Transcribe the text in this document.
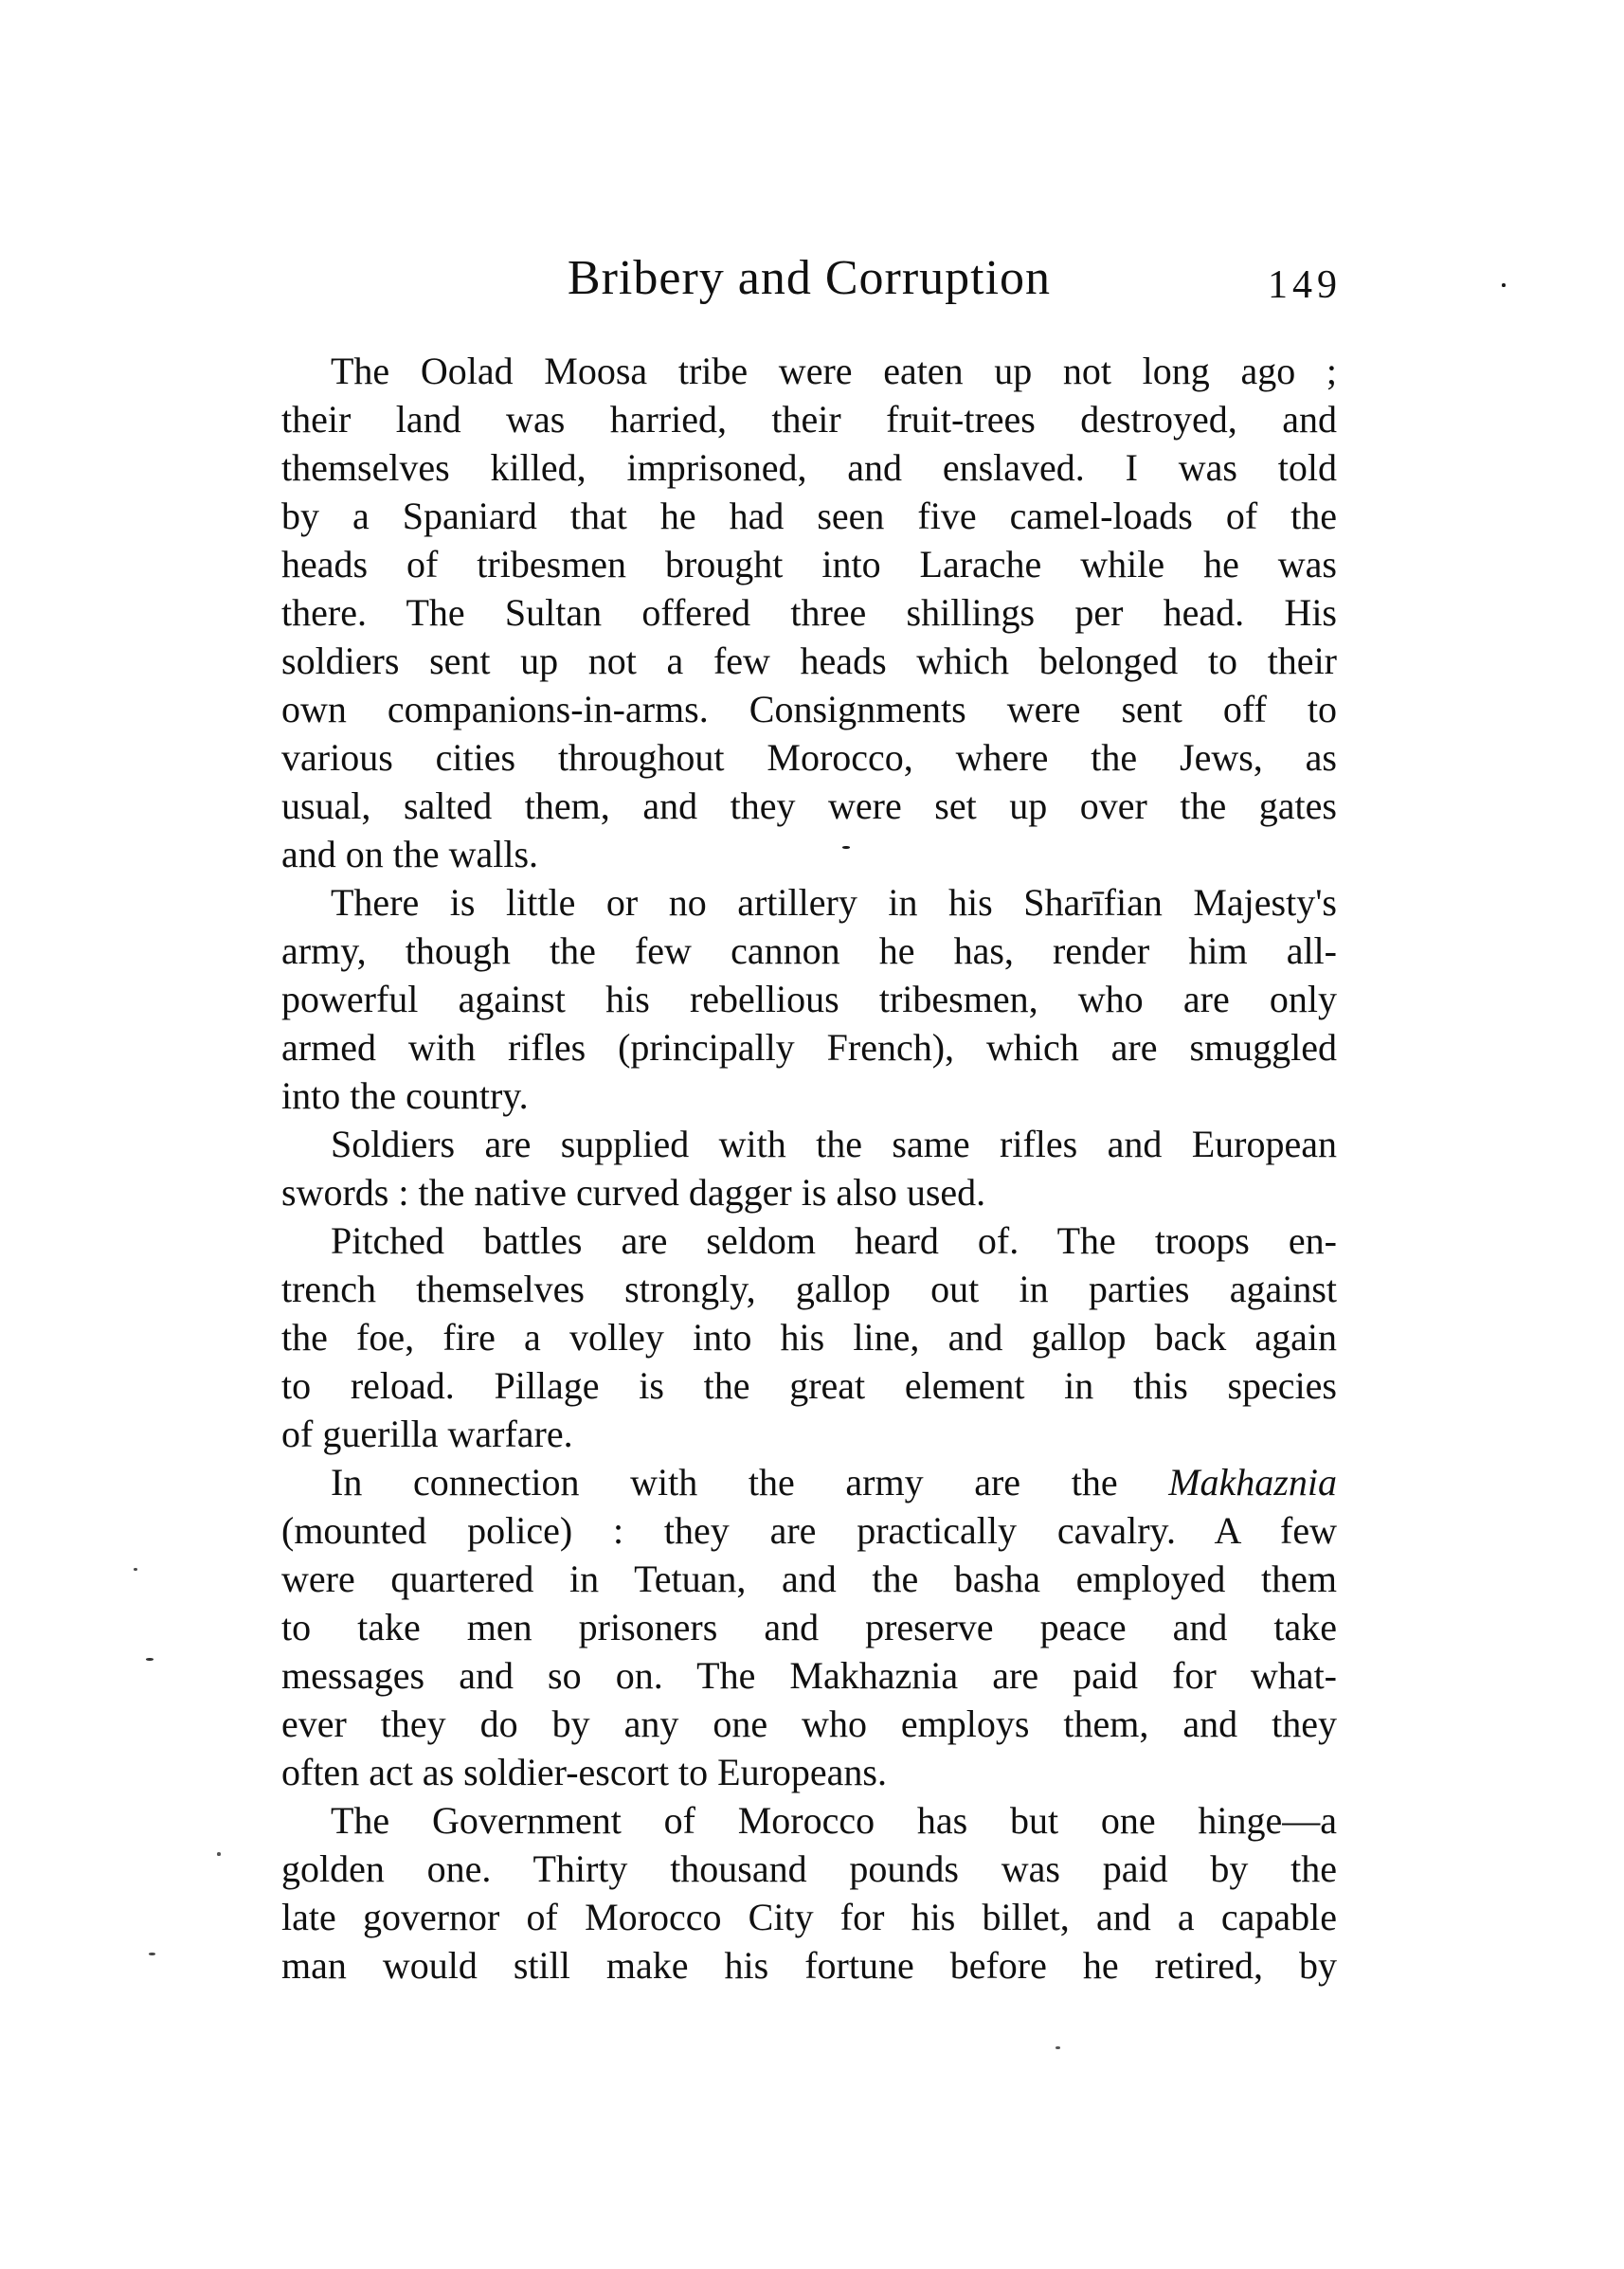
Bribery and Corruption	149
The Oolad Moosa tribe were eaten up not long ago ;
their land was harried, their fruit-trees destroyed, and
themselves killed, imprisoned, and enslaved. I was told
by a Spaniard that he had seen five camel-loads of the
heads of tribesmen brought into Larache while he was
there. The Sultan offered three shillings per head. His
soldiers sent up not a few heads which belonged to their
own companions-in-arms. Consignments were sent off to
various cities throughout Morocco, where the Jews, as
usual, salted them, and they were set up over the gates
and on the walls.
There is little or no artillery in his Sharīfian Majesty's
army, though the few cannon he has, render him all-
powerful against his rebellious tribesmen, who are only
armed with rifles (principally French), which are smuggled
into the country.
Soldiers are supplied with the same rifles and European
swords : the native curved dagger is also used.
Pitched battles are seldom heard of. The troops en-
trench themselves strongly, gallop out in parties against
the foe, fire a volley into his line, and gallop back again
to reload. Pillage is the great element in this species
of guerilla warfare.
In connection with the army are the Makhaznia
(mounted police) : they are practically cavalry. A few
were quartered in Tetuan, and the basha employed them
to take men prisoners and preserve peace and take
messages and so on. The Makhaznia are paid for what-
ever they do by any one who employs them, and they
often act as soldier-escort to Europeans.
The Government of Morocco has but one hinge—a
golden one. Thirty thousand pounds was paid by the
late governor of Morocco City for his billet, and a capable
man would still make his fortune before he retired, by
